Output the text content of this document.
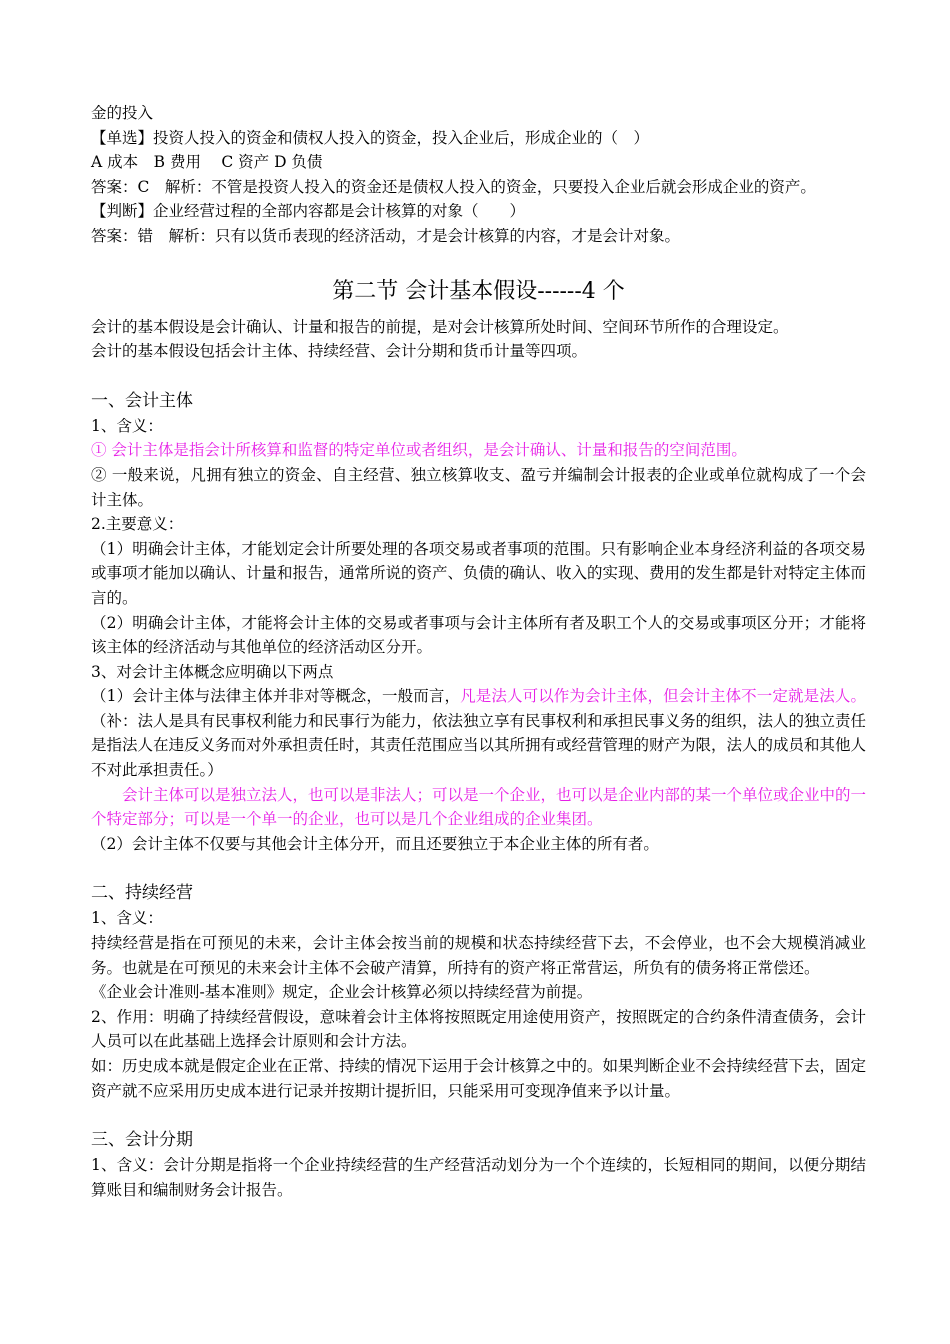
金的投入

【单选】投资人投入的资金和债权人投入的资金，投入企业后，形成企业的（　）

A 成本　B 费用　 C 资产 D 负债

答案：C　解析：不管是投资人投入的资金还是债权人投入的资金，只要投入企业后就会形成企业的资产。

【判断】企业经营过程的全部内容都是会计核算的对象（　　）

答案：错　解析：只有以货币表现的经济活动，才是会计核算的内容，才是会计对象。

第二节 会计基本假设------4 个

会计的基本假设是会计确认、计量和报告的前提，是对会计核算所处时间、空间环节所作的合理设定。

会计的基本假设包括会计主体、持续经营、会计分期和货币计量等四项。

一、会计主体

1、含义：

① 会计主体是指会计所核算和监督的特定单位或者组织，是会计确认、计量和报告的空间范围。

② 一般来说，凡拥有独立的资金、自主经营、独立核算收支、盈亏并编制会计报表的企业或单位就构成了一个会计主体。

2.主要意义：

（1）明确会计主体，才能划定会计所要处理的各项交易或者事项的范围。只有影响企业本身经济利益的各项交易或事项才能加以确认、计量和报告，通常所说的资产、负债的确认、收入的实现、费用的发生都是针对特定主体而言的。

（2）明确会计主体，才能将会计主体的交易或者事项与会计主体所有者及职工个人的交易或事项区分开；才能将该主体的经济活动与其他单位的经济活动区分开。

3、对会计主体概念应明确以下两点

（1）会计主体与法律主体并非对等概念，一般而言，凡是法人可以作为会计主体，但会计主体不一定就是法人。（补：法人是具有民事权利能力和民事行为能力，依法独立享有民事权利和承担民事义务的组织，法人的独立责任是指法人在违反义务而对外承担责任时，其责任范围应当以其所拥有或经营管理的财产为限，法人的成员和其他人不对此承担责任。）

会计主体可以是独立法人，也可以是非法人；可以是一个企业，也可以是企业内部的某一个单位或企业中的一个特定部分；可以是一个单一的企业，也可以是几个企业组成的企业集团。

（2）会计主体不仅要与其他会计主体分开，而且还要独立于本企业主体的所有者。

二、持续经营

1、含义：

持续经营是指在可预见的未来，会计主体会按当前的规模和状态持续经营下去，不会停业，也不会大规模消减业务。也就是在可预见的未来会计主体不会破产清算，所持有的资产将正常营运，所负有的债务将正常偿还。

《企业会计准则-基本准则》规定，企业会计核算必须以持续经营为前提。

2、作用：明确了持续经营假设，意味着会计主体将按照既定用途使用资产，按照既定的合约条件清查债务，会计人员可以在此基础上选择会计原则和会计方法。

如：历史成本就是假定企业在正常、持续的情况下运用于会计核算之中的。如果判断企业不会持续经营下去，固定资产就不应采用历史成本进行记录并按期计提折旧，只能采用可变现净值来予以计量。

三、会计分期

1、含义：会计分期是指将一个企业持续经营的生产经营活动划分为一个个连续的，长短相同的期间，以便分期结算账目和编制财务会计报告。
